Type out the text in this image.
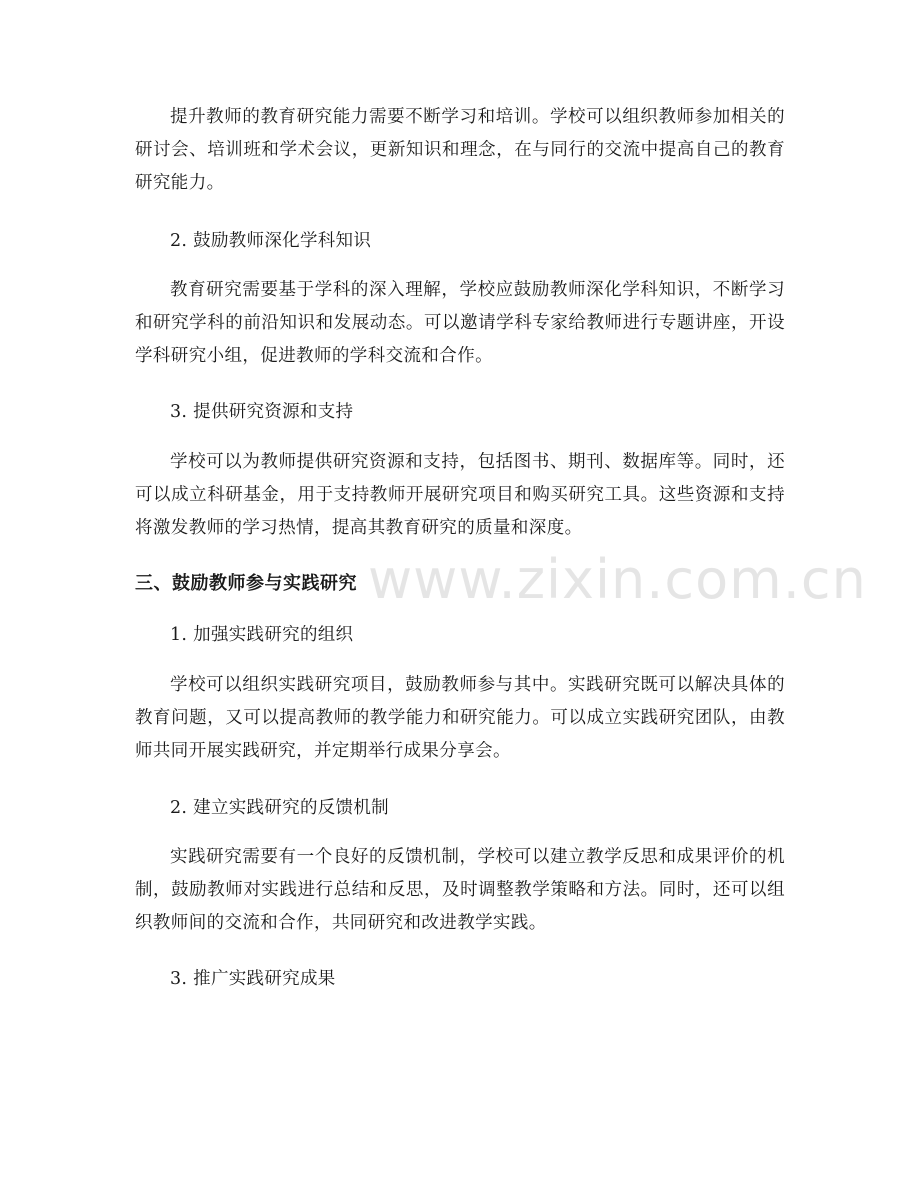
提升教师的教育研究能力需要不断学习和培训。学校可以组织教师参加相关的研讨会、培训班和学术会议，更新知识和理念，在与同行的交流中提高自己的教育研究能力。

2. 鼓励教师深化学科知识

教育研究需要基于学科的深入理解，学校应鼓励教师深化学科知识，不断学习和研究学科的前沿知识和发展动态。可以邀请学科专家给教师进行专题讲座，开设学科研究小组，促进教师的学科交流和合作。

3. 提供研究资源和支持

学校可以为教师提供研究资源和支持，包括图书、期刊、数据库等。同时，还可以成立科研基金，用于支持教师开展研究项目和购买研究工具。这些资源和支持将激发教师的学习热情，提高其教育研究的质量和深度。

www.zixin.com.cn
三、鼓励教师参与实践研究

1. 加强实践研究的组织

学校可以组织实践研究项目，鼓励教师参与其中。实践研究既可以解决具体的教育问题，又可以提高教师的教学能力和研究能力。可以成立实践研究团队，由教师共同开展实践研究，并定期举行成果分享会。

2. 建立实践研究的反馈机制

实践研究需要有一个良好的反馈机制，学校可以建立教学反思和成果评价的机制，鼓励教师对实践进行总结和反思，及时调整教学策略和方法。同时，还可以组织教师间的交流和合作，共同研究和改进教学实践。

3. 推广实践研究成果
